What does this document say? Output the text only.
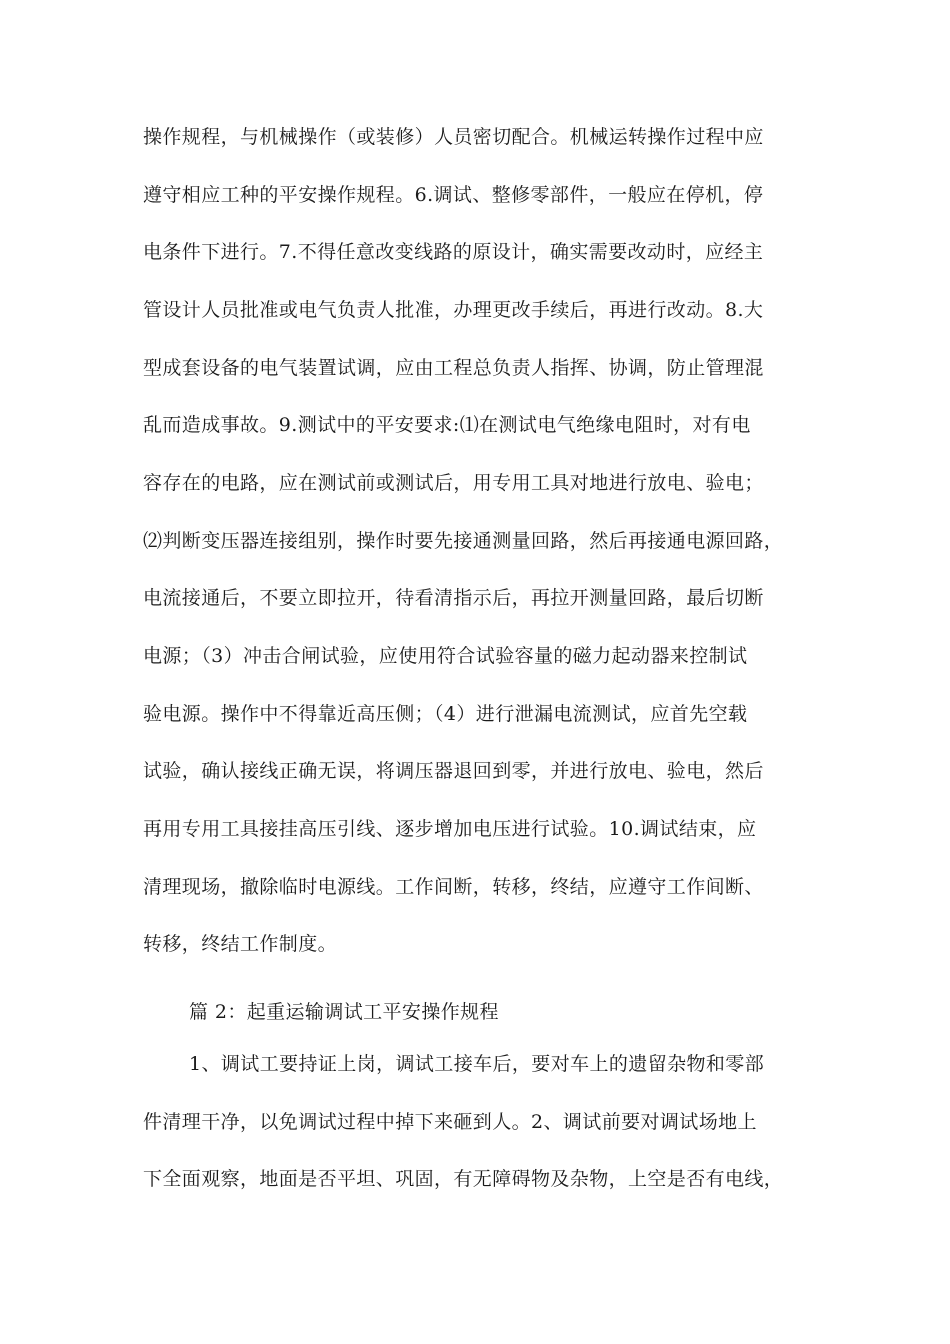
操作规程，与机械操作（或装修）人员密切配合。机械运转操作过程中应
遵守相应工种的平安操作规程。6.调试、整修零部件，一般应在停机，停
电条件下进行。7.不得任意改变线路的原设计，确实需要改动时，应经主
管设计人员批准或电气负责人批准，办理更改手续后，再进行改动。8.大
型成套设备的电气装置试调，应由工程总负责人指挥、协调，防止管理混
乱而造成事故。9.测试中的平安要求:⑴在测试电气绝缘电阻时，对有电
容存在的电路，应在测试前或测试后，用专用工具对地进行放电、验电；
⑵判断变压器连接组别，操作时要先接通测量回路，然后再接通电源回路，
电流接通后，不要立即拉开，待看清指示后，再拉开测量回路，最后切断
电源；（3）冲击合闸试验，应使用符合试验容量的磁力起动器来控制试
验电源。操作中不得靠近高压侧；（4）进行泄漏电流测试，应首先空载
试验，确认接线正确无误，将调压器退回到零，并进行放电、验电，然后
再用专用工具接挂高压引线、逐步增加电压进行试验。10.调试结束，应
清理现场，撤除临时电源线。工作间断，转移，终结，应遵守工作间断、
转移，终结工作制度。
篇 2：起重运输调试工平安操作规程
1、调试工要持证上岗，调试工接车后，要对车上的遗留杂物和零部
件清理干净，以免调试过程中掉下来砸到人。2、调试前要对调试场地上
下全面观察，地面是否平坦、巩固，有无障碍物及杂物，上空是否有电线，
